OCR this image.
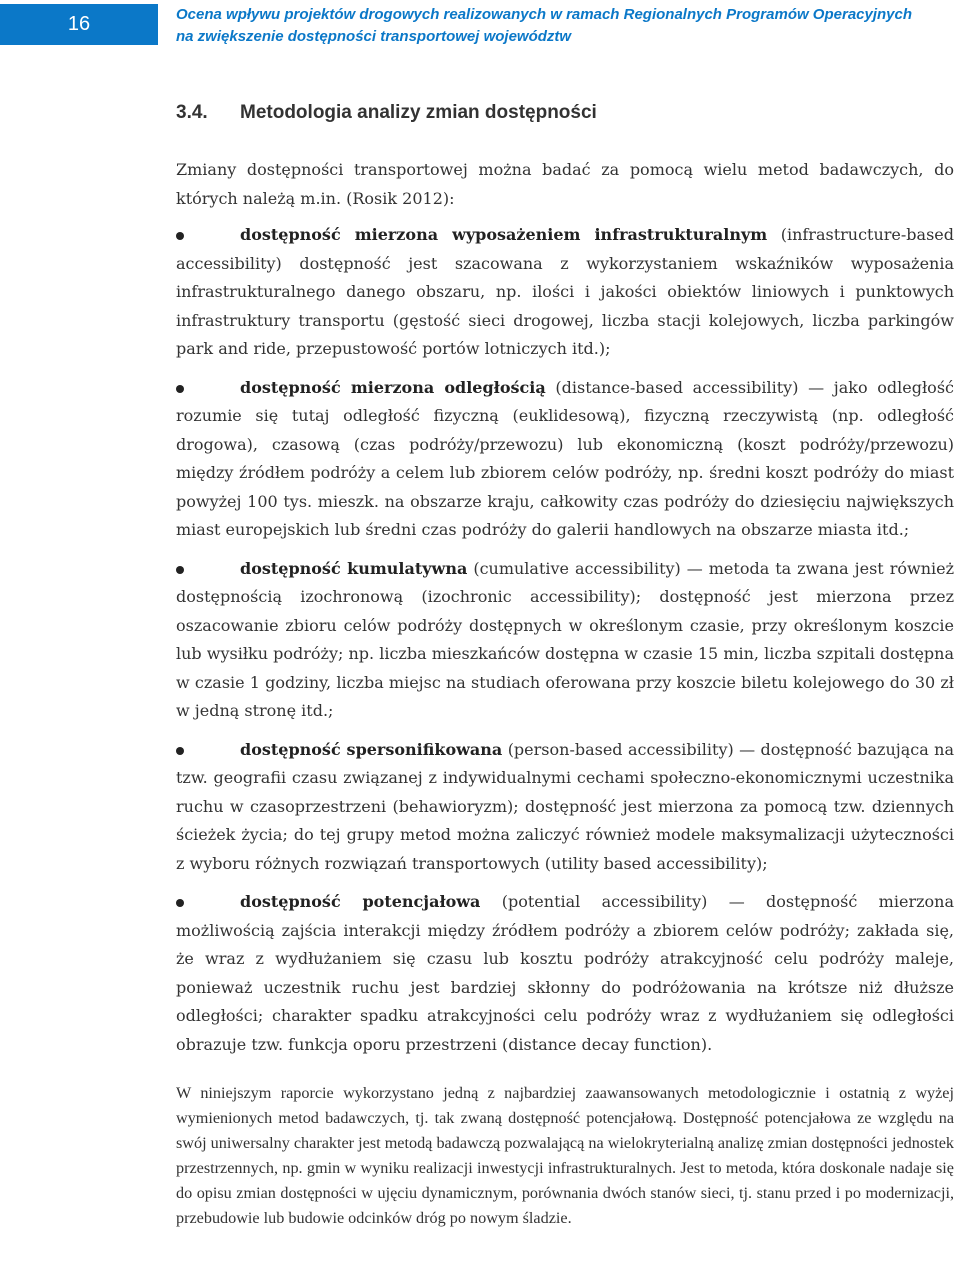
16	Ocena wpływu projektów drogowych realizowanych w ramach Regionalnych Programów Operacyjnych
na zwiększenie dostępności transportowej województw
3.4. Metodologia analizy zmian dostępności

Zmiany dostępności transportowej można badać za pomocą wielu metod badawczych, do których należą m.in. (Rosik 2012):

dostępność mierzona wyposażeniem infrastrukturalnym (infrastructure-based accessibility) dostępność jest szacowana z wykorzystaniem wskaźników wyposażenia infrastrukturalnego danego obszaru, np. ilości i jakości obiektów liniowych i punktowych infrastruktury transportu (gęstość sieci drogowej, liczba stacji kolejowych, liczba parkingów park and ride, przepustowość portów lotniczych itd.);
dostępność mierzona odległością (distance-based accessibility) — jako odległość rozumie się tutaj odległość fizyczną (euklidesową), fizyczną rzeczywistą (np. odległość drogowa), czasową (czas podróży/przewozu) lub ekonomiczną (koszt podróży/przewozu) między źródłem podróży a celem lub zbiorem celów podróży, np. średni koszt podróży do miast powyżej 100 tys. mieszk. na obszarze kraju, całkowity czas podróży do dziesięciu największych miast europejskich lub średni czas podróży do galerii handlowych na obszarze miasta itd.;
dostępność kumulatywna (cumulative accessibility) — metoda ta zwana jest również dostępnością izochronową (izochronic accessibility); dostępność jest mierzona przez oszacowanie zbioru celów podróży dostępnych w określonym czasie, przy określonym koszcie lub wysiłku podróży; np. liczba mieszkańców dostępna w czasie 15 min, liczba szpitali dostępna w czasie 1 godziny, liczba miejsc na studiach oferowana przy koszcie biletu kolejowego do 30 zł w jedną stronę itd.;
dostępność spersonifikowana (person-based accessibility) — dostępność bazująca na tzw. geografii czasu związanej z indywidualnymi cechami społeczno-ekonomicznymi uczestnika ruchu w czasoprzestrzeni (behawioryzm); dostępność jest mierzona za pomocą tzw. dziennych ścieżek życia; do tej grupy metod można zaliczyć również modele maksymalizacji użyteczności z wyboru różnych rozwiązań transportowych (utility based accessibility);
dostępność potencjałowa (potential accessibility) — dostępność mierzona możliwością zajścia interakcji między źródłem podróży a zbiorem celów podróży; zakłada się, że wraz z wydłużaniem się czasu lub kosztu podróży atrakcyjność celu podróży maleje, ponieważ uczestnik ruchu jest bardziej skłonny do podróżowania na krótsze niż dłuższe odległości; charakter spadku atrakcyjności celu podróży wraz z wydłużaniem się odległości obrazuje tzw. funkcja oporu przestrzeni (distance decay function).

W niniejszym raporcie wykorzystano jedną z najbardziej zaawansowanych metodologicznie i ostatnią z wyżej wymienionych metod badawczych, tj. tak zwaną dostępność potencjałową. Dostępność potencjałowa ze względu na swój uniwersalny charakter jest metodą badawczą pozwalającą na wielokryterialną analizę zmian dostępności jednostek przestrzennych, np. gmin w wyniku realizacji inwestycji infrastrukturalnych. Jest to metoda, która doskonale nadaje się do opisu zmian dostępności w ujęciu dynamicznym, porównania dwóch stanów sieci, tj. stanu przed i po modernizacji, przebudowie lub budowie odcinków dróg po nowym śladzie.
